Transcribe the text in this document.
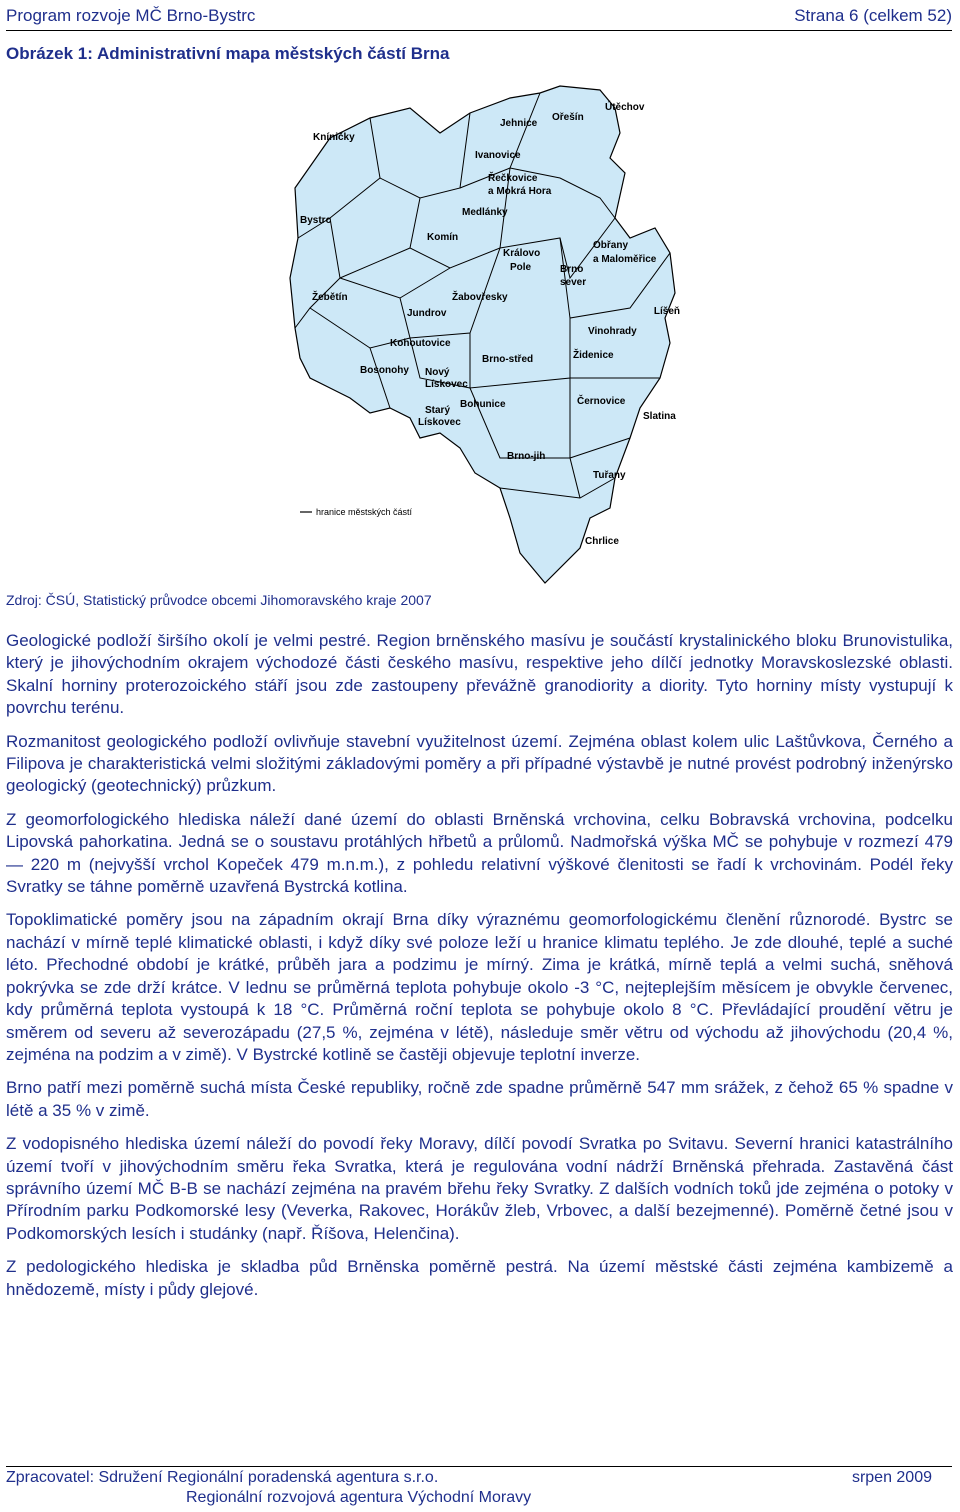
Program rozvoje MČ Brno-Bystrc	Strana 6 (celkem 52)
Obrázek 1: Administrativní mapa městských částí Brna
Útěchov
Jehnice
Ořešín
Kníničky
Ivanovice
Řečkovice
a Mokrá Hora
Medlánky
Bystrc
Komín
Královo
Pole
Obřany
a Maloměřice
Brno
sever
Žebětín	Žabovřesky
Jundrov
Vinohrady
Líšeň
Kohoutovice
Brno-střed	Židenice
Bosonohy Nový
Lískovec
Starý
Lískovec
Bohunice	Černovice
Slatina
Brno-jih
Tuřany
Chrlice
hranice městských částí
Zdroj: ČSÚ, Statistický průvodce obcemi Jihomoravského kraje 2007

Geologické podloží širšího okolí je velmi pestré. Region brněnského masívu je součástí krystalinického bloku Brunovistulika, který je jihovýchodním okrajem východozé části českého masívu, respektive jeho dílčí jednotky Moravskoslezské oblasti. Skalní horniny proterozoického stáří jsou zde zastoupeny převážně granodiority a diority. Tyto horniny místy vystupují k povrchu terénu.

Rozmanitost geologického podloží ovlivňuje stavební využitelnost území. Zejména oblast kolem ulic Laštůvkova, Černého a Filipova je charakteristická velmi složitými základovými poměry a při případné výstavbě je nutné provést podrobný inženýrsko geologický (geotechnický) průzkum.

Z geomorfologického hlediska náleží dané území do oblasti Brněnská vrchovina, celku Bobravská vrchovina, podcelku Lipovská pahorkatina. Jedná se o soustavu protáhlých hřbetů a průlomů. Nadmořská výška MČ se pohybuje v rozmezí 479 — 220 m (nejvyšší vrchol Kopeček 479 m.n.m.), z pohledu relativní výškové členitosti se řadí k vrchovinám. Podél řeky Svratky se táhne poměrně uzavřená Bystrcká kotlina.

Topoklimatické poměry jsou na západním okrají Brna díky výraznému geomorfologickému členění různorodé. Bystrc se nachází v mírně teplé klimatické oblasti, i když díky své poloze leží u hranice klimatu teplého. Je zde dlouhé, teplé a suché léto. Přechodné období je krátké, průběh jara a podzimu je mírný. Zima je krátká, mírně teplá a velmi suchá, sněhová pokrývka se zde drží krátce. V lednu se průměrná teplota pohybuje okolo -3 °C, nejteplejším měsícem je obvykle červenec, kdy průměrná teplota vystoupá k 18 °C. Průměrná roční teplota se pohybuje okolo 8 °C. Převládající proudění větru je směrem od severu až severozápadu (27,5 %, zejména v létě), následuje směr větru od východu až jihovýchodu (20,4 %, zejména na podzim a v zimě). V Bystrcké kotlině se častěji objevuje teplotní inverze.

Brno patří mezi poměrně suchá místa České republiky, ročně zde spadne průměrně 547 mm srážek, z čehož 65 % spadne v létě a 35 % v zimě.

Z vodopisného hlediska území náleží do povodí řeky Moravy, dílčí povodí Svratka po Svitavu. Severní hranici katastrálního území tvoří v jihovýchodním směru řeka Svratka, která je regulována vodní nádrží Brněnská přehrada. Zastavěná část správního území MČ B-B se nachází zejména na pravém břehu řeky Svratky. Z dalších vodních toků jde zejména o potoky v Přírodním parku Podkomorské lesy (Veverka, Rakovec, Horákův žleb, Vrbovec, a další bezejmenné). Poměrně četné jsou v Podkomorských lesích i studánky (např. Říšova, Helenčina).

Z pedologického hlediska je skladba půd Brněnska poměrně pestrá. Na území městské části zejména kambizemě a hnědozemě, místy i půdy glejové.

Zpracovatel: Sdružení Regionální poradenská agentura s.r.o.	srpen 2009
Regionální rozvojová agentura Východní Moravy
